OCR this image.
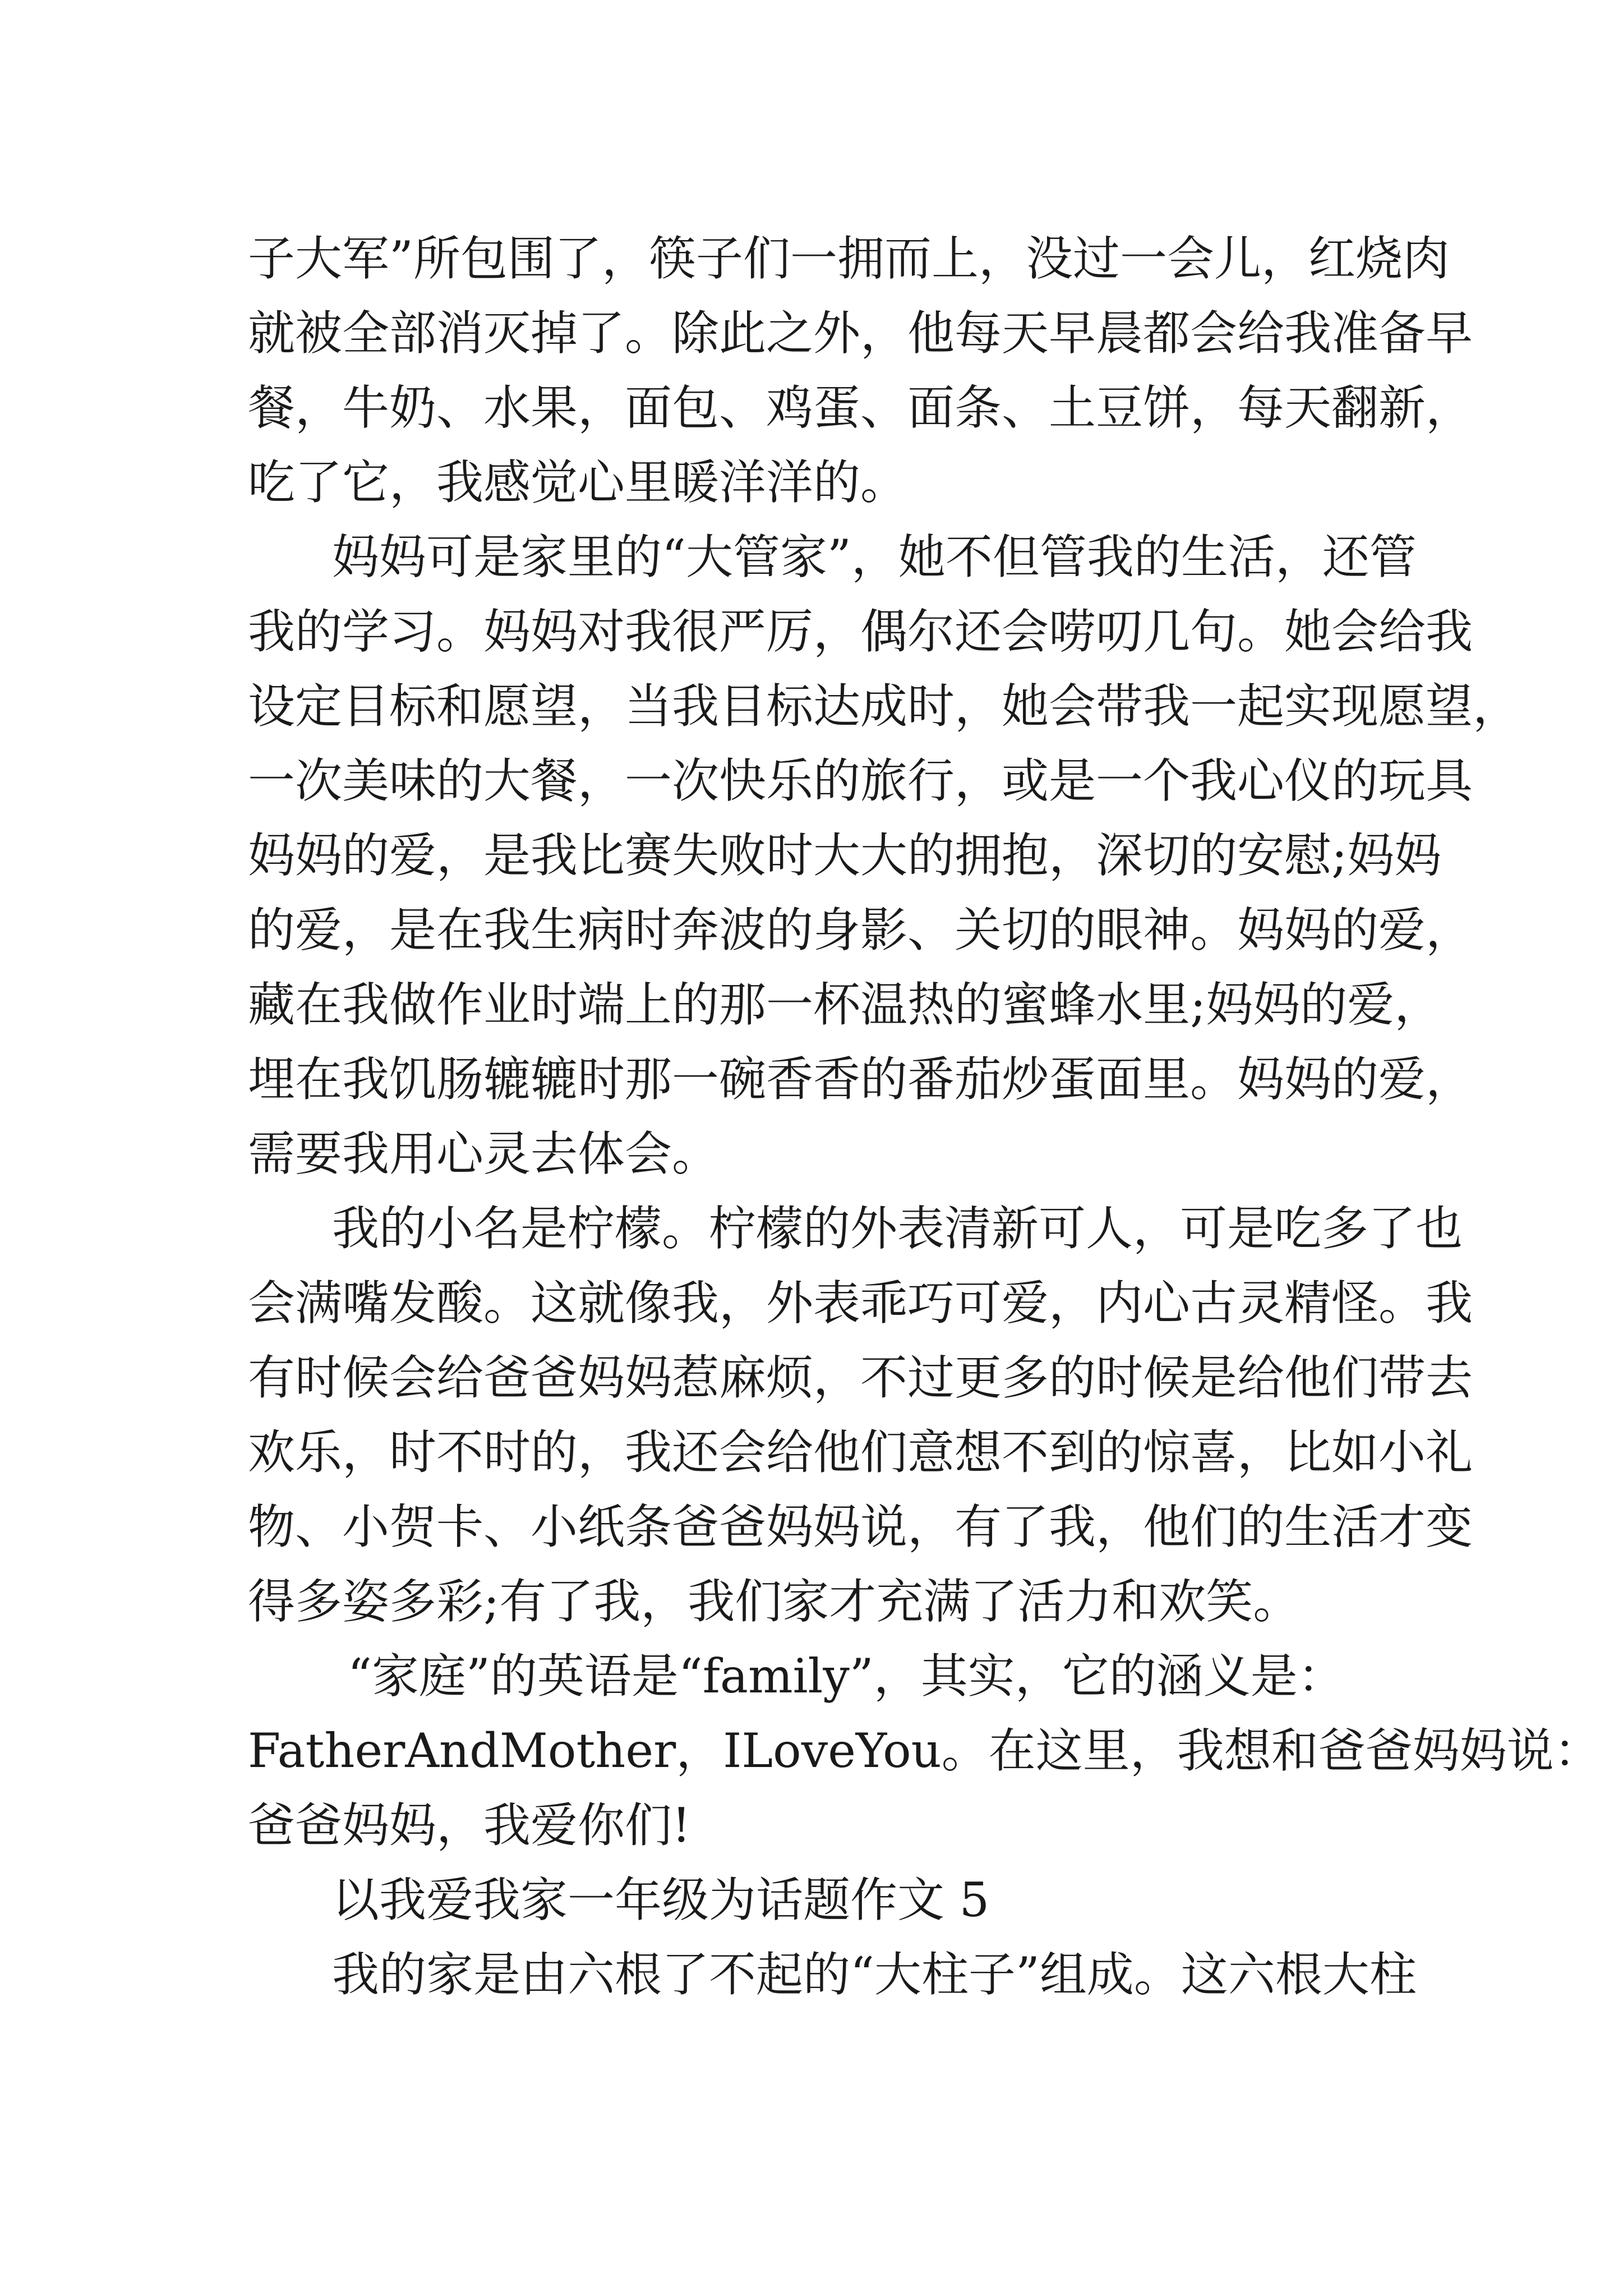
子大军”所包围了，筷子们一拥而上，没过一会儿，红烧肉
就被全部消灭掉了。除此之外，他每天早晨都会给我准备早
餐，牛奶、水果，面包、鸡蛋、面条、土豆饼，每天翻新，
吃了它，我感觉心里暖洋洋的。
妈妈可是家里的“大管家”，她不但管我的生活，还管
我的学习。妈妈对我很严厉，偶尔还会唠叨几句。她会给我
设定目标和愿望，当我目标达成时，她会带我一起实现愿望，
一次美味的大餐，一次快乐的旅行，或是一个我心仪的玩具
妈妈的爱，是我比赛失败时大大的拥抱，深切的安慰;妈妈
的爱，是在我生病时奔波的身影、关切的眼神。妈妈的爱，
藏在我做作业时端上的那一杯温热的蜜蜂水里;妈妈的爱，
埋在我饥肠辘辘时那一碗香香的番茄炒蛋面里。妈妈的爱，
需要我用心灵去体会。
我的小名是柠檬。柠檬的外表清新可人，可是吃多了也
会满嘴发酸。这就像我，外表乖巧可爱，内心古灵精怪。我
有时候会给爸爸妈妈惹麻烦，不过更多的时候是给他们带去
欢乐，时不时的，我还会给他们意想不到的惊喜，比如小礼
物、小贺卡、小纸条爸爸妈妈说，有了我，他们的生活才变
得多姿多彩;有了我，我们家才充满了活力和欢笑。
“家庭”的英语是“family”，其实，它的涵义是：
FatherAndMother，ILoveYou。在这里，我想和爸爸妈妈说：
爸爸妈妈，我爱你们!
以我爱我家一年级为话题作文 5
我的家是由六根了不起的“大柱子”组成。这六根大柱
